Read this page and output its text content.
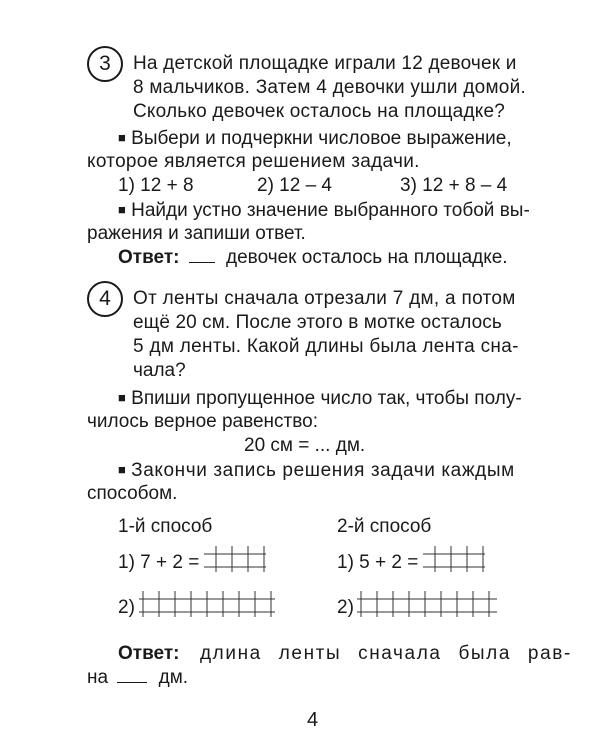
3	На детской площадке играли 12 девочек и
8 мальчиков. Затем 4 девочки ушли домой.
Сколько девочек осталось на площадке?
■ Выбери и подчеркни числовое выражение,
которое является решением задачи.
1) 12 + 8	2) 12 – 4	3) 12 + 8 – 4
■ Найди устно значение выбранного тобой вы-
ражения и запиши ответ.
Ответ: девочек осталось на площадке.
4	От ленты сначала отрезали 7 дм, а потом
ещё 20 см. После этого в мотке осталось
5 дм ленты. Какой длины была лента сна-
чала?
■ Впиши пропущенное число так, чтобы полу-
чилось верное равенство:
20 см = ... дм.
■ Закончи запись решения задачи каждым
способом.
1-й способ	2-й способ
1) 7 + 2 =	1) 5 + 2 =
2)	2)
Ответ: длина ленты сначала была рав-
на	дм.
4
